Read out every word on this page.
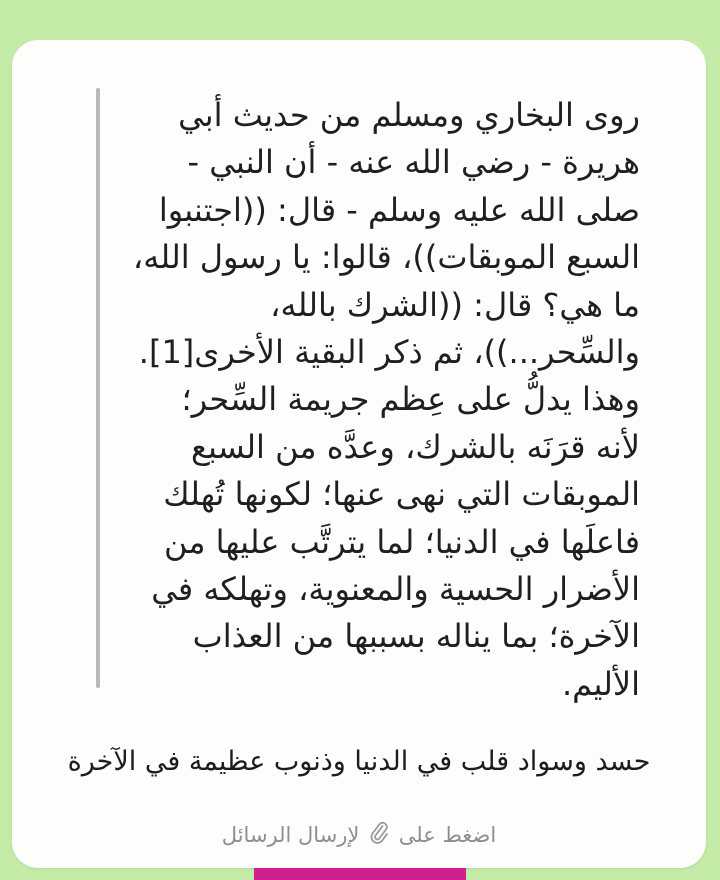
روى البخاري ومسلم من حديث أبي
هريرة - رضي الله عنه - أن النبي -
صلى الله عليه وسلم - قال: ((اجتنبوا
السبع الموبقات))، قالوا: يا رسول الله،
ما هي؟ قال: ((الشرك بالله،
والسِّحر...))، ثم ذكر البقية الأخرى[1].
وهذا يدلُّ على عِظم جريمة السِّحر؛
لأنه قرَنَه بالشرك، وعدَّه من السبع
الموبقات التي نهى عنها؛ لكونها تُهلك
فاعلَها في الدنيا؛ لما يترتَّب عليها من
الأضرار الحسية والمعنوية، وتهلكه في
الآخرة؛ بما يناله بسببها من العذاب
الأليم.

حسد وسواد قلب في الدنيا وذنوب عظيمة في الآخرة

اضغط على  لإرسال الرسائل
